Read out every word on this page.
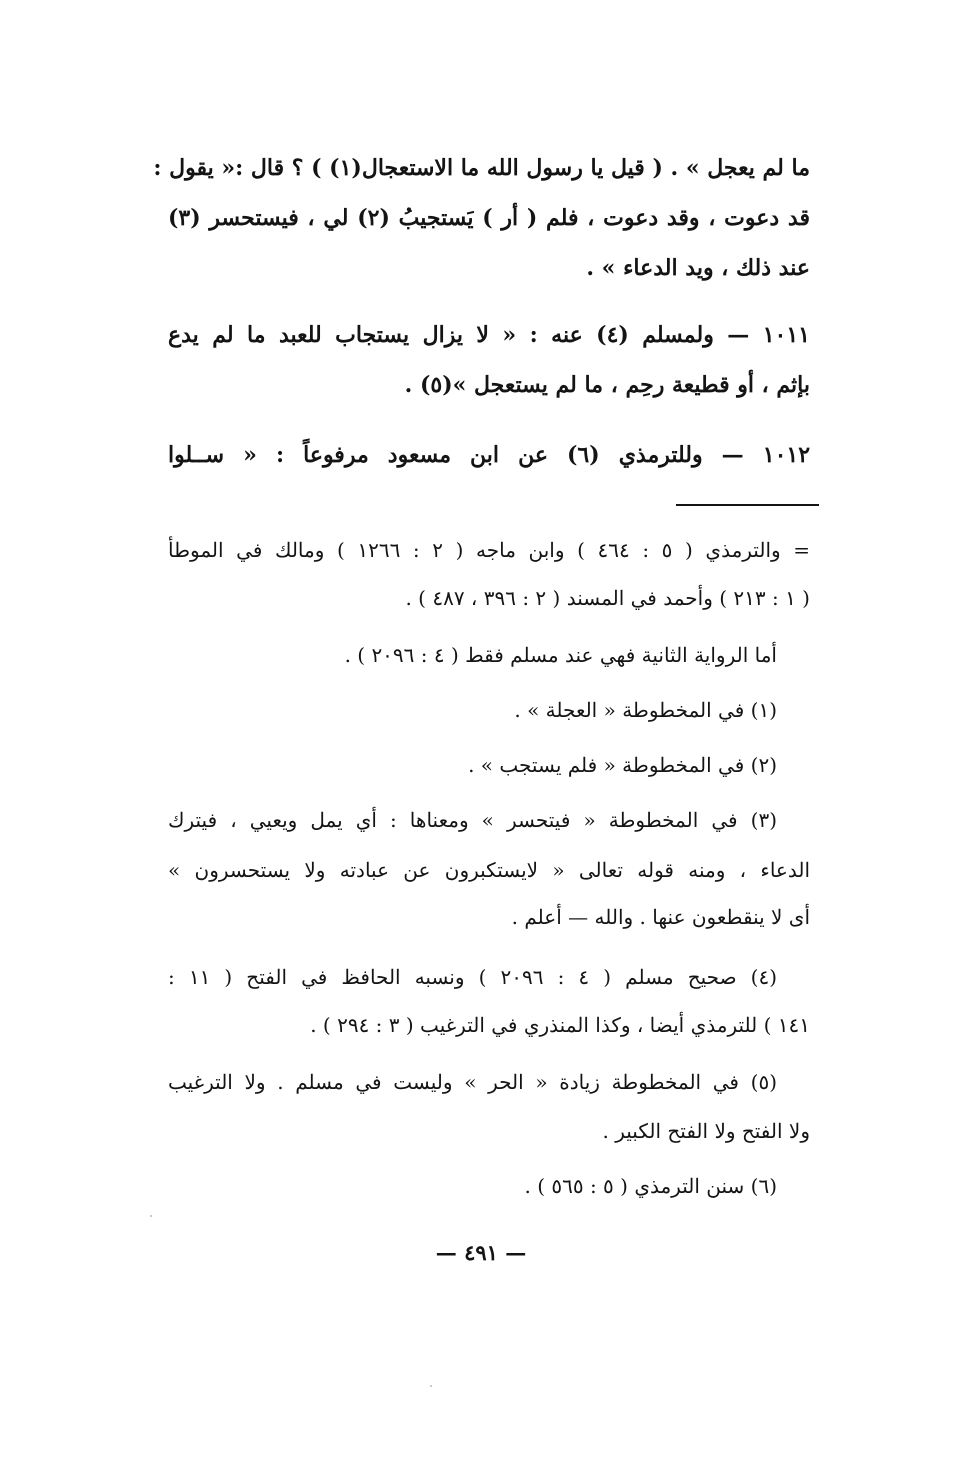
ما لم يعجل » . ( قيل يا رسول الله ما الاستعجال(١) ) ؟ قال :« يقول :
قد دعوت ، وقد دعوت ، فلم ( أر ) يَستجيبُ (٢) لي ، فيستحسر (٣)
عند ذلك ، ويد الدعاء » .
١٠١١ — ولمسلم (٤) عنه : « لا يزال يستجاب للعبد ما لم يدع
بإثم ، أو قطيعة رحِم ، ما لم يستعجل »(٥) .
١٠١٢ — وللترمذي (٦) عن ابن مسعود مرفوعاً : « ســلوا
= والترمذي ( ٥ : ٤٦٤ ) وابن ماجه ( ٢ : ١٢٦٦ ) ومالك في الموطأ
( ١ : ٢١٣ ) وأحمد في المسند ( ٢ : ٣٩٦ ، ٤٨٧ ) .
أما الرواية الثانية فهي عند مسلم فقط ( ٤ : ٢٠٩٦ ) .
(١) في المخطوطة « العجلة » .
(٢) في المخطوطة « فلم يستجب » .
(٣) في المخطوطة « فيتحسر » ومعناها : أي يمل ويعيي ، فيترك
الدعاء ، ومنه قوله تعالى « لايستكبرون عن عبادته ولا يستحسرون »
أى لا ينقطعون عنها . والله — أعلم .
(٤) صحيح مسلم ( ٤ : ٢٠٩٦ ) ونسبه الحافظ في الفتح ( ١١ :
١٤١ ) للترمذي أيضا ، وكذا المنذري في الترغيب ( ٣ : ٢٩٤ ) .
(٥) في المخطوطة زيادة « الحر » وليست في مسلم . ولا الترغيب
ولا الفتح ولا الفتح الكبير .
(٦) سنن الترمذي ( ٥ : ٥٦٥ ) .
— ٤٩١ —
